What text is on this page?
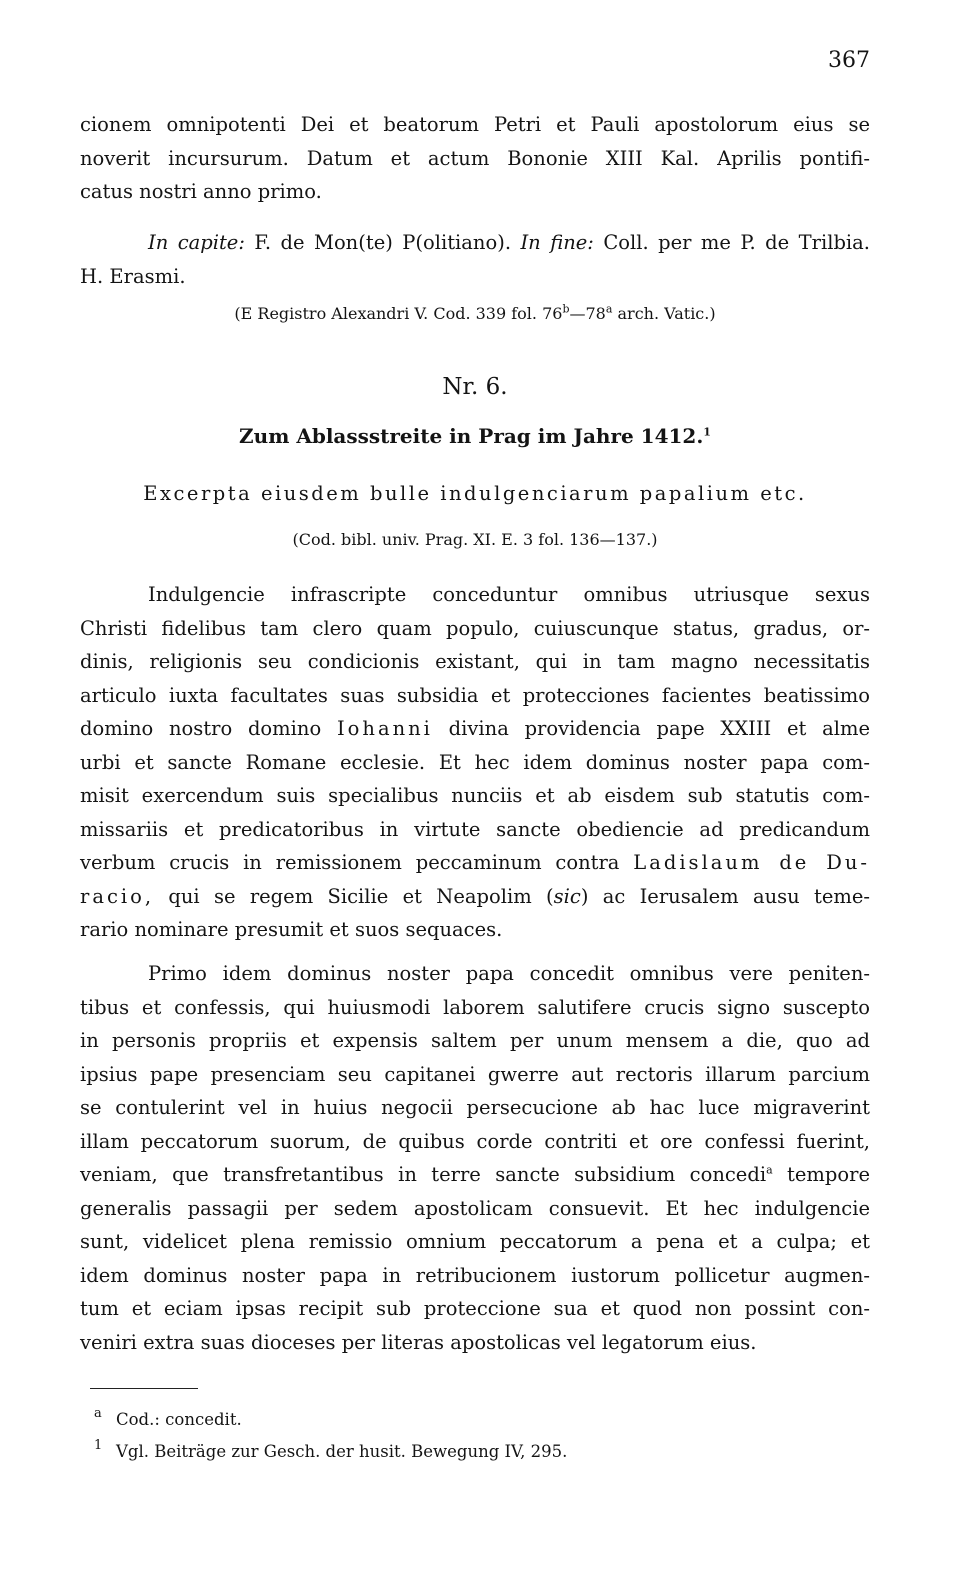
367
cionem omnipotenti Dei et beatorum Petri et Pauli apostolorum eius se
noverit incursurum. Datum et actum Bononie XIII Kal. Aprilis pontifi-
catus nostri anno primo.
In capite: F. de Mon(te) P(olitiano). In fine: Coll. per me P. de Trilbia.
H. Erasmi.
(E Registro Alexandri V. Cod. 339 fol. 76$^b$—78$^a$ arch. Vatic.)
Nr. 6.
Zum Ablassstreite in Prag im Jahre 1412.$^1$
Excerpta eiusdem bulle indulgenciarum papalium etc.
(Cod. bibl. univ. Prag. XI. E. 3 fol. 136—137.)
Indulgencie infrascripte conceduntur omnibus utriusque sexus
Christi fidelibus tam clero quam populo, cuiuscunque status, gradus, or-
dinis, religionis seu condicionis existant, qui in tam magno necessitatis
articulo iuxta facultates suas subsidia et protecciones facientes beatissimo
domino nostro domino Iohanni divina providencia pape XXIII et alme
urbi et sancte Romane ecclesie. Et hec idem dominus noster papa com-
misit exercendum suis specialibus nunciis et ab eisdem sub statutis com-
missariis et predicatoribus in virtute sancte obediencie ad predicandum
verbum crucis in remissionem peccaminum contra Ladislaum de Du-
racio, qui se regem Sicilie et Neapolim (sic) ac Ierusalem ausu teme-
rario nominare presumit et suos sequaces.
Primo idem dominus noster papa concedit omnibus vere peniten-
tibus et confessis, qui huiusmodi laborem salutifere crucis signo suscepto
in personis propriis et expensis saltem per unum mensem a die, quo ad
ipsius pape presenciam seu capitanei gwerre aut rectoris illarum parcium
se contulerint vel in huius negocii persecucione ab hac luce migraverint
illam peccatorum suorum, de quibus corde contriti et ore confessi fuerint,
veniam, que transfretantibus in terre sancte subsidium concedi$^a$ tempore
generalis passagii per sedem apostolicam consuevit. Et hec indulgencie
sunt, videlicet plena remissio omnium peccatorum a pena et a culpa; et
idem dominus noster papa in retribucionem iustorum pollicetur augmen-
tum et eciam ipsas recipit sub proteccione sua et quod non possint con-
veniri extra suas dioceses per literas apostolicas vel legatorum eius.
a Cod.: concedit.
1 Vgl. Beiträge zur Gesch. der husit. Bewegung IV, 295.
